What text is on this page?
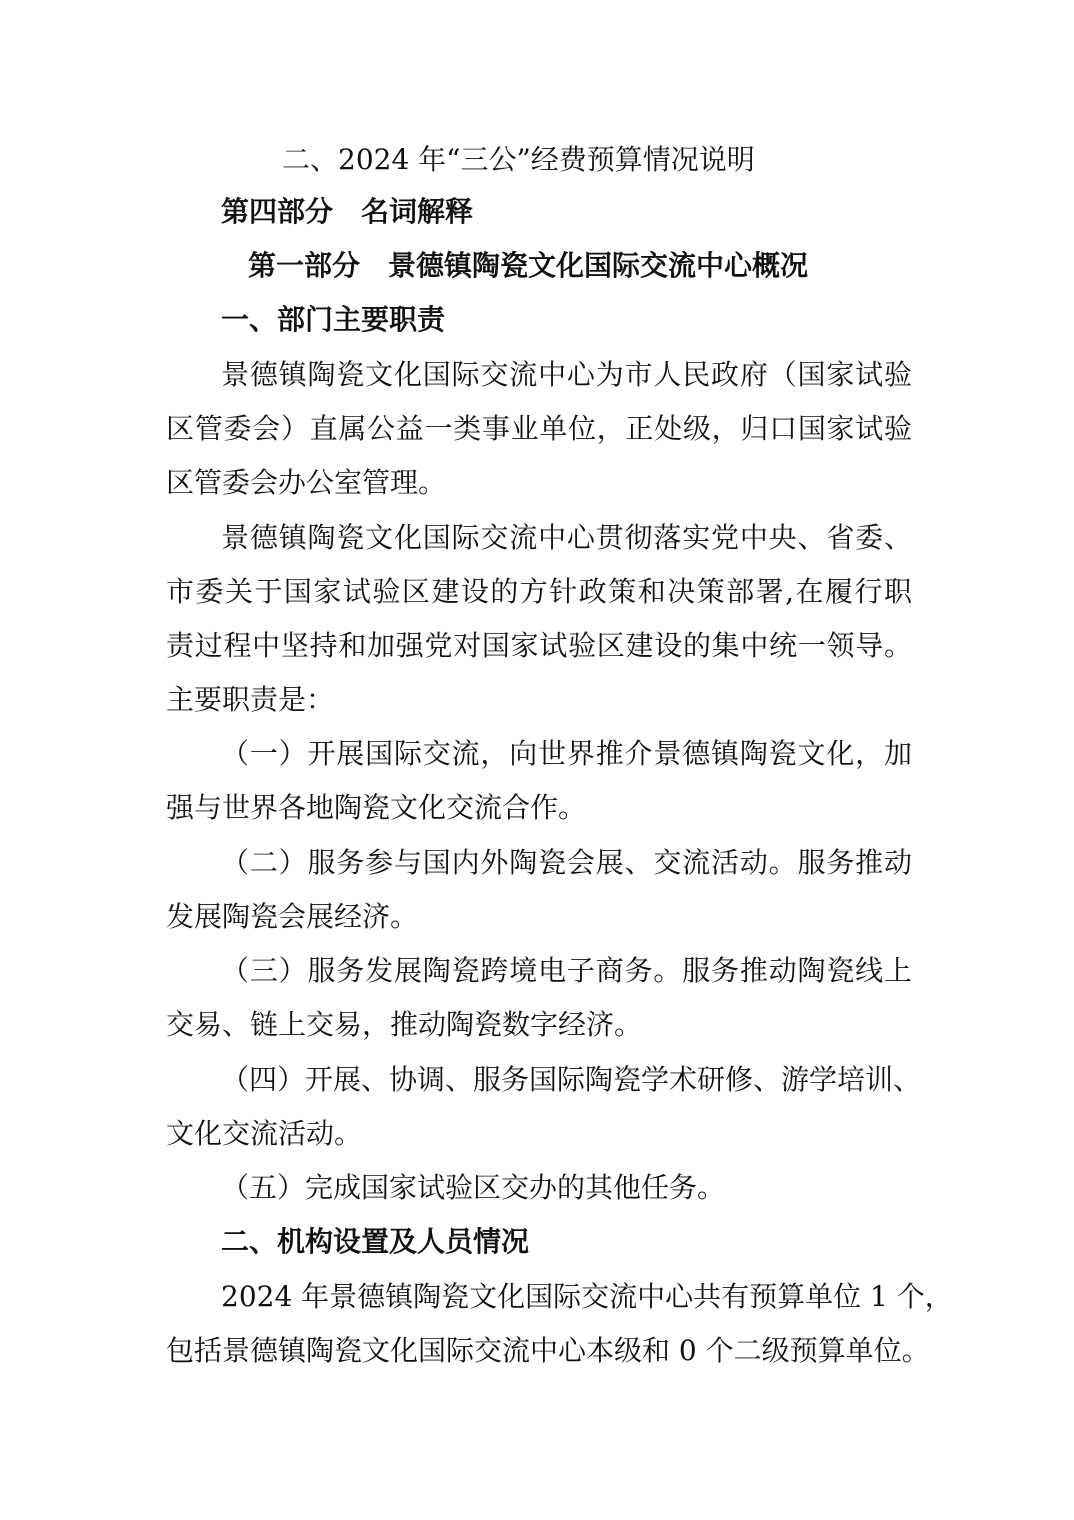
二、2024 年“三公”经费预算情况说明
第四部分　名词解释
第一部分　景德镇陶瓷文化国际交流中心概况
一、部门主要职责
景德镇陶瓷文化国际交流中心为市人民政府（国家试验
区管委会）直属公益一类事业单位，正处级，归口国家试验
区管委会办公室管理。
景德镇陶瓷文化国际交流中心贯彻落实党中央、省委、
市委关于国家试验区建设的方针政策和决策部署,在履行职
责过程中坚持和加强党对国家试验区建设的集中统一领导。
主要职责是：
（一）开展国际交流，向世界推介景德镇陶瓷文化，加
强与世界各地陶瓷文化交流合作。
（二）服务参与国内外陶瓷会展、交流活动。服务推动
发展陶瓷会展经济。
（三）服务发展陶瓷跨境电子商务。服务推动陶瓷线上
交易、链上交易，推动陶瓷数字经济。
（四）开展、协调、服务国际陶瓷学术研修、游学培训、
文化交流活动。
（五）完成国家试验区交办的其他任务。
二、机构设置及人员情况
2024 年景德镇陶瓷文化国际交流中心共有预算单位 1 个，
包括景德镇陶瓷文化国际交流中心本级和 0 个二级预算单位。
